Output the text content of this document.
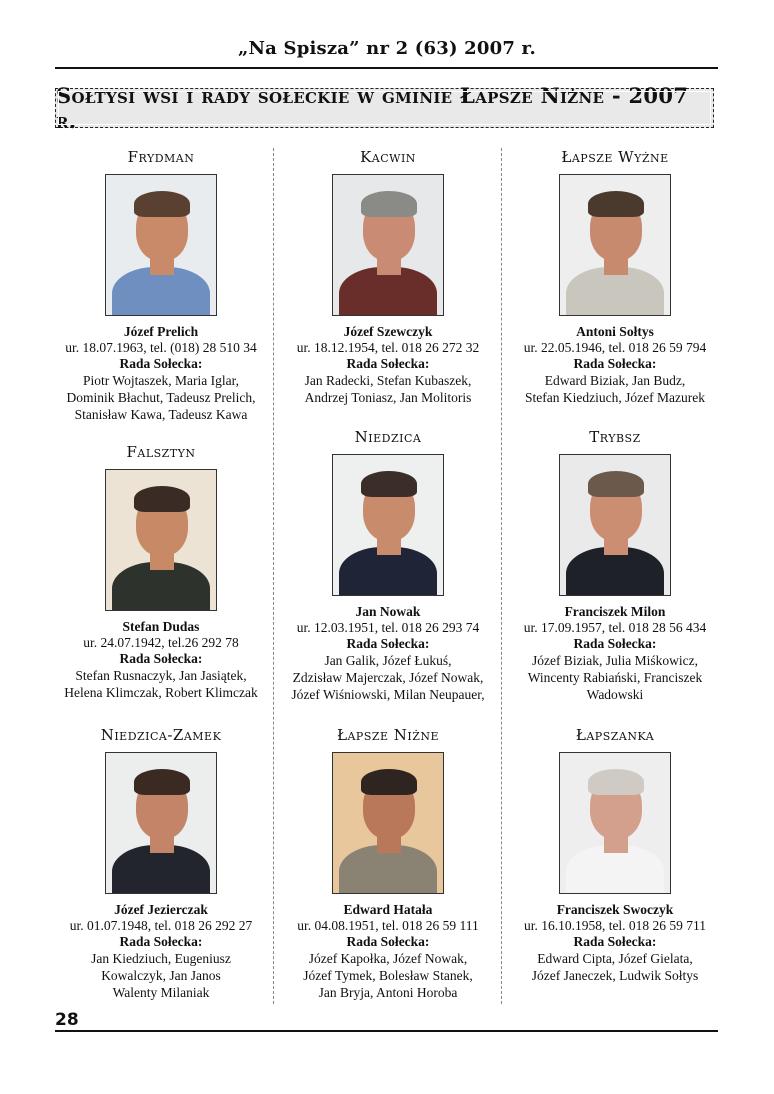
„Na Spisza” nr 2 (63) 2007 r.
Sołtysi wsi i rady sołeckie w gminie Łapsze Niżne - 2007 r.
Frydman
Józef Prelich
ur. 18.07.1963, tel. (018) 28 510 34
Rada Sołecka:
Piotr Wojtaszek, Maria Iglar,
Dominik Błachut, Tadeusz Prelich,
Stanisław Kawa, Tadeusz Kawa
Kacwin
Józef Szewczyk
ur. 18.12.1954, tel. 018 26 272 32
Rada Sołecka:
Jan Radecki, Stefan Kubaszek,
Andrzej Toniasz, Jan Molitoris
Łapsze Wyżne
Antoni Sołtys
ur. 22.05.1946, tel. 018 26 59 794
Rada Sołecka:
Edward Biziak, Jan Budz,
Stefan Kiedziuch, Józef Mazurek
Falsztyn
Stefan Dudas
ur. 24.07.1942, tel.26 292 78
Rada Sołecka:
Stefan Rusnaczyk, Jan Jasiątek,
Helena Klimczak, Robert Klimczak
Niedzica
Jan Nowak
ur. 12.03.1951, tel. 018 26 293 74
Rada Sołecka:
Jan Galik, Józef Łukuś,
Zdzisław Majerczak, Józef Nowak,
Józef Wiśniowski, Milan Neupauer,
Trybsz
Franciszek Milon
ur. 17.09.1957, tel. 018 28 56 434
Rada Sołecka:
Józef Biziak, Julia Miśkowicz,
Wincenty Rabiański, Franciszek
Wadowski
Niedzica-Zamek
Józef Jezierczak
ur. 01.07.1948, tel. 018 26 292 27
Rada Sołecka:
Jan Kiedziuch, Eugeniusz
Kowalczyk, Jan Janos
Walenty Milaniak
Łapsze Niżne
Edward Hatała
ur. 04.08.1951, tel. 018 26 59 111
Rada Sołecka:
Józef Kapołka, Józef Nowak,
Józef Tymek, Bolesław Stanek,
Jan Bryja, Antoni Horoba
Łapszanka
Franciszek Swoczyk
ur. 16.10.1958, tel. 018 26 59 711
Rada Sołecka:
Edward Cipta, Józef Gielata,
Józef Janeczek, Ludwik Sołtys
28
